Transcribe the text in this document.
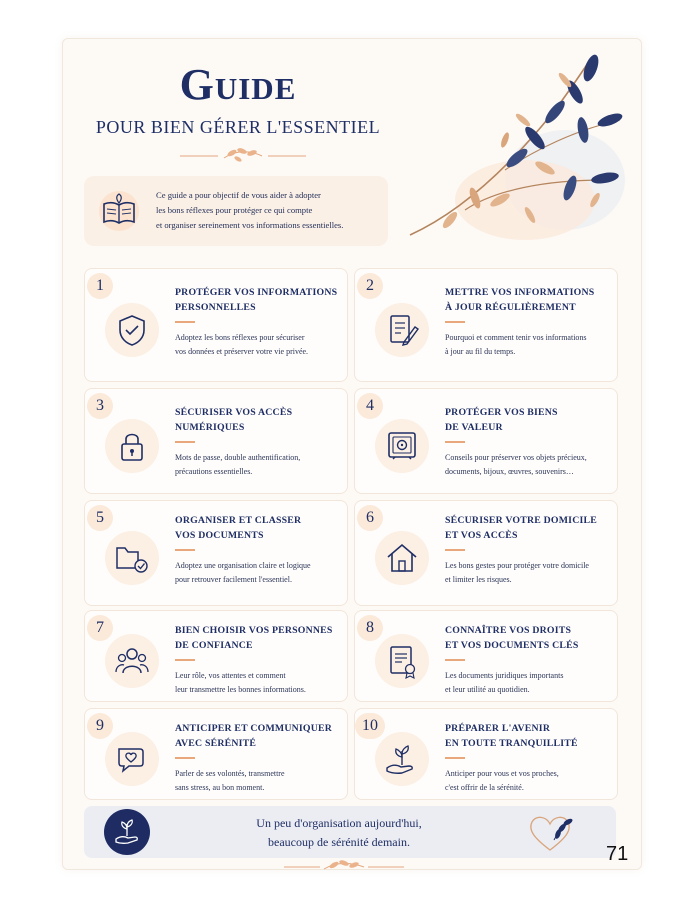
Guide
POUR BIEN GÉRER L'ESSENTIEL
Ce guide a pour objectif de vous aider à adopter
les bons réflexes pour protéger ce qui compte
et organiser sereinement vos informations essentielles.
1	PROTÉGER VOS INFORMATIONS
PERSONNELLES
Adoptez les bons réflexes pour sécuriser
vos données et préserver votre vie privée.
2	METTRE VOS INFORMATIONS
À JOUR RÉGULIÈREMENT
Pourquoi et comment tenir vos informations
à jour au fil du temps.
3	SÉCURISER VOS ACCÈS
NUMÉRIQUES
Mots de passe, double authentification,
précautions essentielles.
4	PROTÉGER VOS BIENS
DE VALEUR
Conseils pour préserver vos objets précieux,
documents, bijoux, œuvres, souvenirs…
5	ORGANISER ET CLASSER
VOS DOCUMENTS
Adoptez une organisation claire et logique
pour retrouver facilement l'essentiel.
6	SÉCURISER VOTRE DOMICILE
ET VOS ACCÈS
Les bons gestes pour protéger votre domicile
et limiter les risques.
7	BIEN CHOISIR VOS PERSONNES
DE CONFIANCE
Leur rôle, vos attentes et comment
leur transmettre les bonnes informations.
8	CONNAÎTRE VOS DROITS
ET VOS DOCUMENTS CLÉS
Les documents juridiques importants
et leur utilité au quotidien.
9	ANTICIPER ET COMMUNIQUER
AVEC SÉRÉNITÉ
Parler de ses volontés, transmettre
sans stress, au bon moment.
10	PRÉPARER L'AVENIR
EN TOUTE TRANQUILLITÉ
Anticiper pour vous et vos proches,
c'est offrir de la sérénité.
Un peu d'organisation aujourd'hui,
beaucoup de sérénité demain.
71
